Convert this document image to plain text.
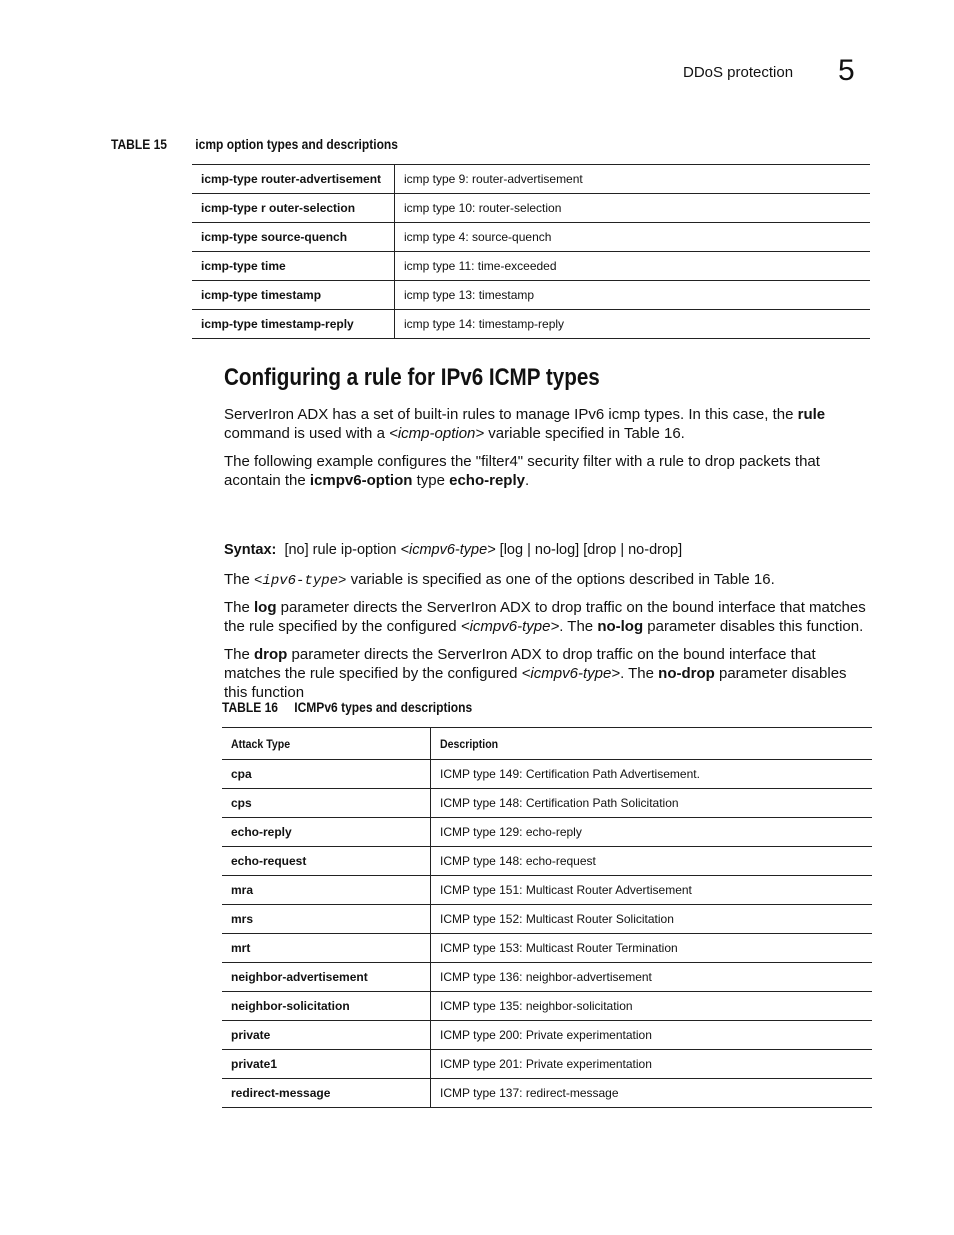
DDoS protection 5
TABLE 15 icmp option types and descriptions
icmp-type router-advertisement	icmp type 9: router-advertisement
icmp-type r outer-selection	icmp type 10: router-selection
icmp-type source-quench	icmp type 4: source-quench
icmp-type time	icmp type 11: time-exceeded
icmp-type timestamp	icmp type 13: timestamp
icmp-type timestamp-reply	icmp type 14: timestamp-reply
Configuring a rule for IPv6 ICMP types
ServerIron ADX has a set of built-in rules to manage IPv6 icmp types. In this case, the rule command is used with a <icmp-option> variable specified in Table 16.
The following example configures the "filter4" security filter with a rule to drop packets that acontain the icmpv6-option type echo-reply.
Syntax: [no] rule ip-option <icmpv6-type> [log | no-log] [drop | no-drop]
The <ipv6-type> variable is specified as one of the options described in Table 16.
The log parameter directs the ServerIron ADX to drop traffic on the bound interface that matches the rule specified by the configured <icmpv6-type>. The no-log parameter disables this function.
The drop parameter directs the ServerIron ADX to drop traffic on the bound interface that matches the rule specified by the configured <icmpv6-type>. The no-drop parameter disables this function
TABLE 16 ICMPv6 types and descriptions
Attack Type	Description
cpa	ICMP type 149: Certification Path Advertisement.
cps	ICMP type 148: Certification Path Solicitation
echo-reply	ICMP type 129: echo-reply
echo-request	ICMP type 148: echo-request
mra	ICMP type 151: Multicast Router Advertisement
mrs	ICMP type 152: Multicast Router Solicitation
mrt	ICMP type 153: Multicast Router Termination
neighbor-advertisement	ICMP type 136: neighbor-advertisement
neighbor-solicitation	ICMP type 135: neighbor-solicitation
private	ICMP type 200: Private experimentation
private1	ICMP type 201: Private experimentation
redirect-message	ICMP type 137: redirect-message
